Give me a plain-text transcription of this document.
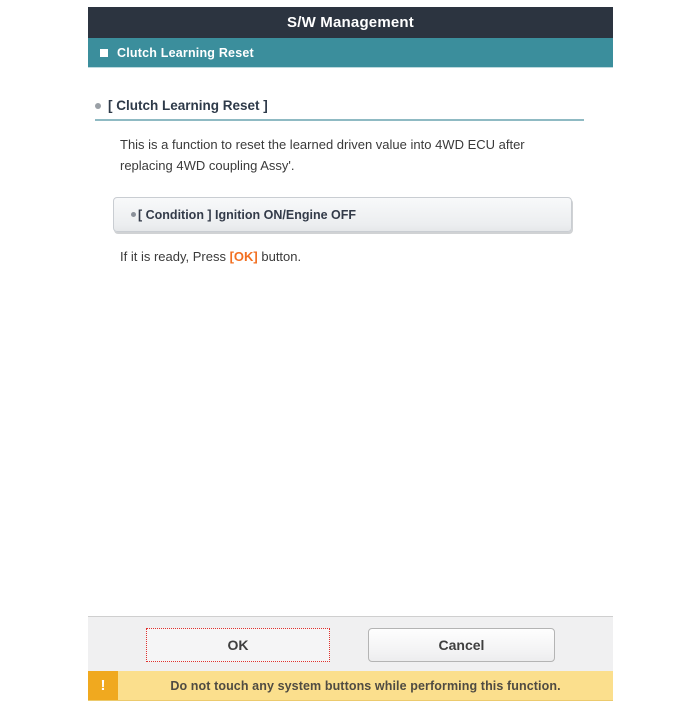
S/W Management
Clutch Learning Reset
[ Clutch Learning Reset ]
This is a function to reset the learned driven value into 4WD ECU after replacing 4WD coupling Assy'.
[ Condition ] Ignition ON/Engine OFF
If it is ready, Press [OK] button.
OK	Cancel
!	Do not touch any system buttons while performing this function.
